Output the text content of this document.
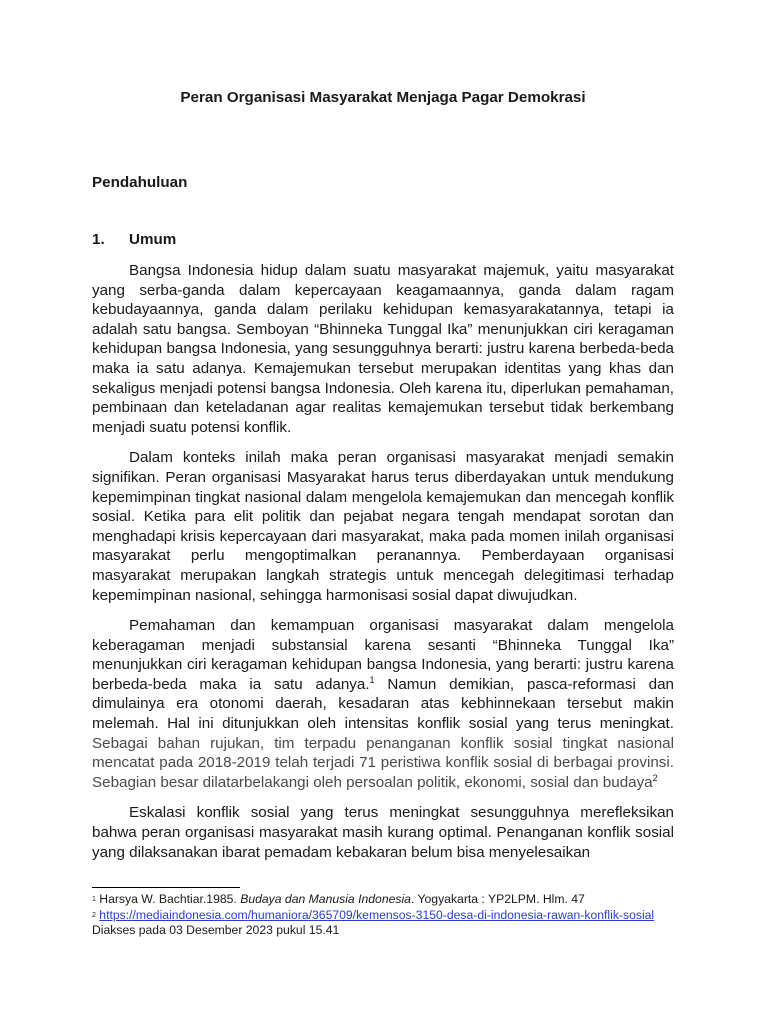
Peran Organisasi Masyarakat Menjaga Pagar Demokrasi
Pendahuluan
1. Umum

Bangsa Indonesia hidup dalam suatu masyarakat majemuk, yaitu masyarakat yang serba-ganda dalam kepercayaan keagamaannya, ganda dalam ragam kebudayaannya, ganda dalam perilaku kehidupan kemasyarakatannya, tetapi ia adalah satu bangsa. Semboyan “Bhinneka Tunggal Ika” menunjukkan ciri keragaman kehidupan bangsa Indonesia, yang sesungguhnya berarti: justru karena berbeda-beda maka ia satu adanya. Kemajemukan tersebut merupakan identitas yang khas dan sekaligus menjadi potensi bangsa Indonesia. Oleh karena itu, diperlukan pemahaman, pembinaan dan keteladanan agar realitas kemajemukan tersebut tidak berkembang menjadi suatu potensi konflik.

Dalam konteks inilah maka peran organisasi masyarakat menjadi semakin signifikan. Peran organisasi Masyarakat harus terus diberdayakan untuk mendukung kepemimpinan tingkat nasional dalam mengelola kemajemukan dan mencegah konflik sosial. Ketika para elit politik dan pejabat negara tengah mendapat sorotan dan menghadapi krisis kepercayaan dari masyarakat, maka pada momen inilah organisasi masyarakat perlu mengoptimalkan peranannya. Pemberdayaan organisasi masyarakat merupakan langkah strategis untuk mencegah delegitimasi terhadap kepemimpinan nasional, sehingga harmonisasi sosial dapat diwujudkan.

Pemahaman dan kemampuan organisasi masyarakat dalam mengelola keberagaman menjadi substansial karena sesanti “Bhinneka Tunggal Ika” menunjukkan ciri keragaman kehidupan bangsa Indonesia, yang berarti: justru karena berbeda-beda maka ia satu adanya.$^1$ Namun demikian, pasca-reformasi dan dimulainya era otonomi daerah, kesadaran atas kebhinnekaan tersebut makin melemah. Hal ini ditunjukkan oleh intensitas konflik sosial yang terus meningkat. Sebagai bahan rujukan, tim terpadu penanganan konflik sosial tingkat nasional mencatat pada 2018-2019 telah terjadi 71 peristiwa konflik sosial di berbagai provinsi. Sebagian besar dilatarbelakangi oleh persoalan politik, ekonomi, sosial dan budaya$^2$

Eskalasi konflik sosial yang terus meningkat sesungguhnya merefleksikan bahwa peran organisasi masyarakat masih kurang optimal. Penanganan konflik sosial yang dilaksanakan ibarat pemadam kebakaran belum bisa menyelesaikan

$^1$ Harsya W. Bachtiar.1985. Budaya dan Manusia Indonesia. Yogyakarta : YP2LPM. Hlm. 47

$^2$ https://mediaindonesia.com/humaniora/365709/kemensos-3150-desa-di-indonesia-rawan-konflik-sosial Diakses pada 03 Desember 2023 pukul 15.41
